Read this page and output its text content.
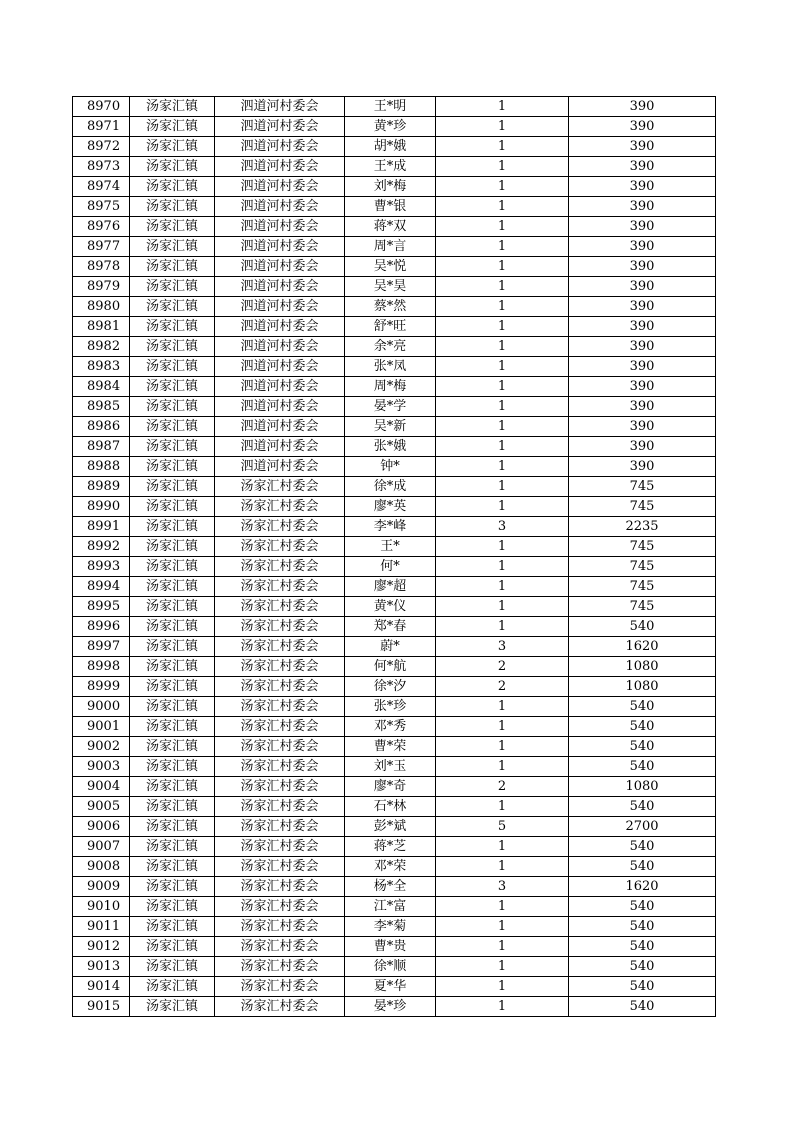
8970	汤家汇镇	泗道河村委会	王*明	1	390
8971	汤家汇镇	泗道河村委会	黄*珍	1	390
8972	汤家汇镇	泗道河村委会	胡*娥	1	390
8973	汤家汇镇	泗道河村委会	王*成	1	390
8974	汤家汇镇	泗道河村委会	刘*梅	1	390
8975	汤家汇镇	泗道河村委会	曹*银	1	390
8976	汤家汇镇	泗道河村委会	蒋*双	1	390
8977	汤家汇镇	泗道河村委会	周*言	1	390
8978	汤家汇镇	泗道河村委会	吴*悦	1	390
8979	汤家汇镇	泗道河村委会	吴*昊	1	390
8980	汤家汇镇	泗道河村委会	蔡*然	1	390
8981	汤家汇镇	泗道河村委会	舒*旺	1	390
8982	汤家汇镇	泗道河村委会	余*亮	1	390
8983	汤家汇镇	泗道河村委会	张*凤	1	390
8984	汤家汇镇	泗道河村委会	周*梅	1	390
8985	汤家汇镇	泗道河村委会	晏*学	1	390
8986	汤家汇镇	泗道河村委会	吴*新	1	390
8987	汤家汇镇	泗道河村委会	张*娥	1	390
8988	汤家汇镇	泗道河村委会	钟*	1	390
8989	汤家汇镇	汤家汇村委会	徐*成	1	745
8990	汤家汇镇	汤家汇村委会	廖*英	1	745
8991	汤家汇镇	汤家汇村委会	李*峰	3	2235
8992	汤家汇镇	汤家汇村委会	王*	1	745
8993	汤家汇镇	汤家汇村委会	何*	1	745
8994	汤家汇镇	汤家汇村委会	廖*超	1	745
8995	汤家汇镇	汤家汇村委会	黄*仪	1	745
8996	汤家汇镇	汤家汇村委会	郑*春	1	540
8997	汤家汇镇	汤家汇村委会	蔚*	3	1620
8998	汤家汇镇	汤家汇村委会	何*航	2	1080
8999	汤家汇镇	汤家汇村委会	徐*汐	2	1080
9000	汤家汇镇	汤家汇村委会	张*珍	1	540
9001	汤家汇镇	汤家汇村委会	邓*秀	1	540
9002	汤家汇镇	汤家汇村委会	曹*荣	1	540
9003	汤家汇镇	汤家汇村委会	刘*玉	1	540
9004	汤家汇镇	汤家汇村委会	廖*奇	2	1080
9005	汤家汇镇	汤家汇村委会	石*林	1	540
9006	汤家汇镇	汤家汇村委会	彭*斌	5	2700
9007	汤家汇镇	汤家汇村委会	蒋*芝	1	540
9008	汤家汇镇	汤家汇村委会	邓*荣	1	540
9009	汤家汇镇	汤家汇村委会	杨*全	3	1620
9010	汤家汇镇	汤家汇村委会	江*富	1	540
9011	汤家汇镇	汤家汇村委会	李*菊	1	540
9012	汤家汇镇	汤家汇村委会	曹*贵	1	540
9013	汤家汇镇	汤家汇村委会	徐*顺	1	540
9014	汤家汇镇	汤家汇村委会	夏*华	1	540
9015	汤家汇镇	汤家汇村委会	晏*珍	1	540
